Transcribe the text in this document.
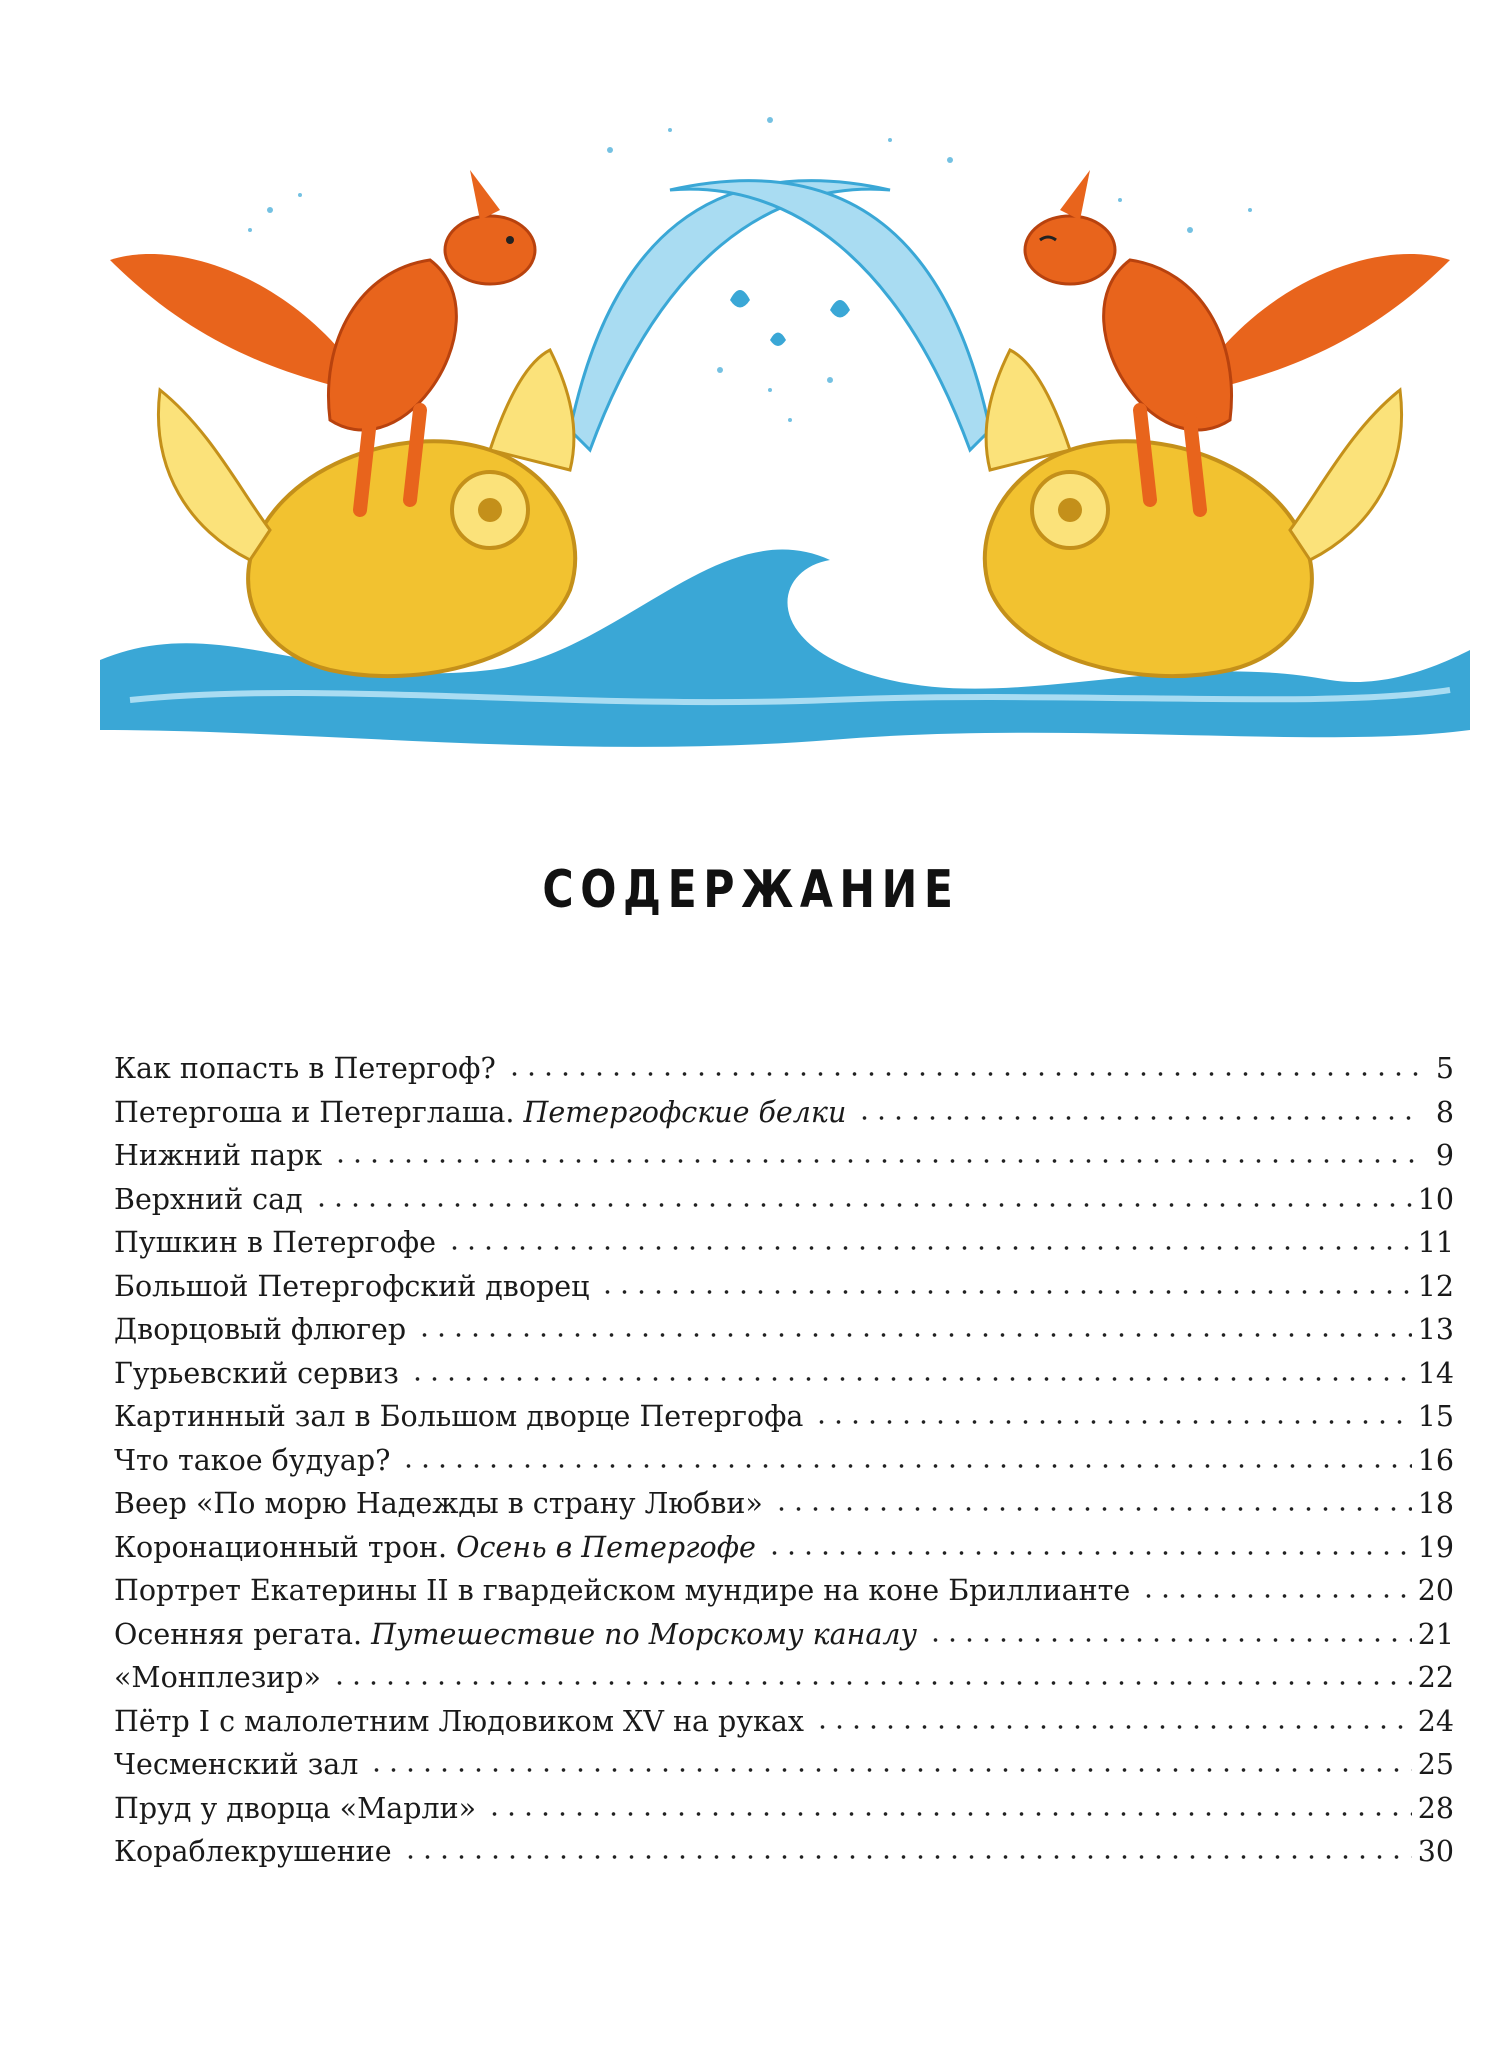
СОДЕРЖАНИЕ
Как попасть в Петергоф?	5
Петергоша и Петерглаша. Петергофские белки	8
Нижний парк	9
Верхний сад	10
Пушкин в Петергофе	11
Большой Петергофский дворец	12
Дворцовый флюгер	13
Гурьевский сервиз	14
Картинный зал в Большом дворце Петергофа	15
Что такое будуар?	16
Веер «По морю Надежды в страну Любви»	18
Коронационный трон. Осень в Петергофе	19
Портрет Екатерины II в гвардейском мундире на коне Бриллианте	20
Осенняя регата. Путешествие по Морскому каналу	21
«Монплезир»	22
Пётр I с малолетним Людовиком XV на руках	24
Чесменский зал	25
Пруд у дворца «Марли»	28
Кораблекрушение	30
